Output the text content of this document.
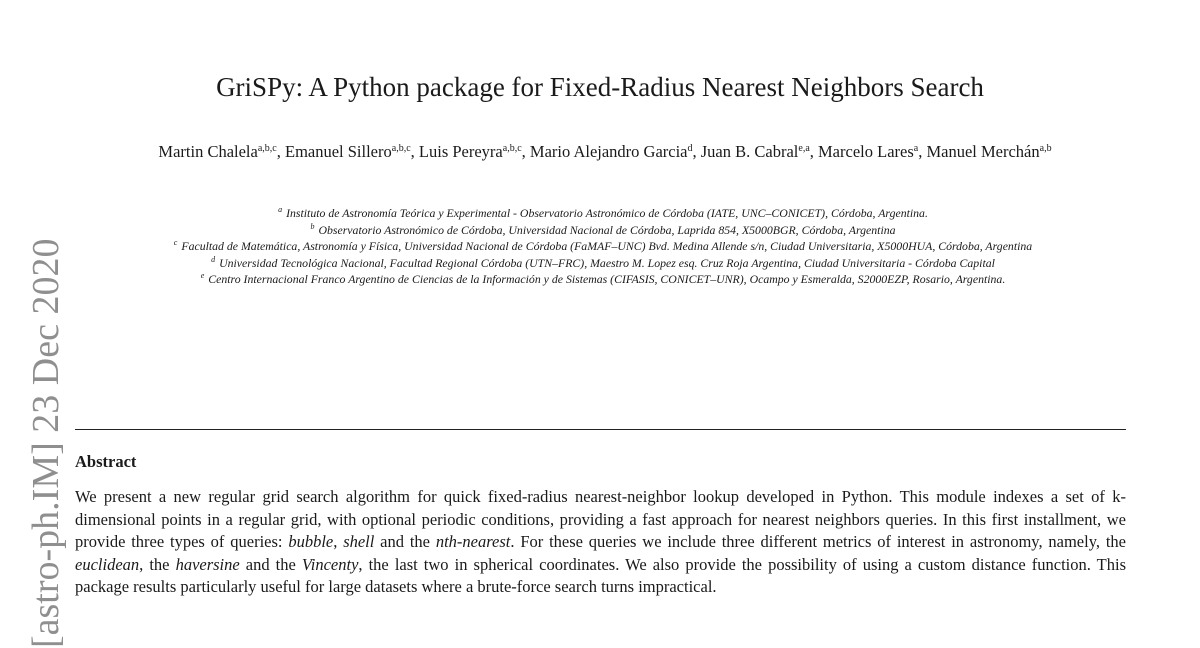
GriSPy: A Python package for Fixed-Radius Nearest Neighbors Search
Martin Chalela$^{a,b,c}$, Emanuel Sillero$^{a,b,c}$, Luis Pereyra$^{a,b,c}$, Mario Alejandro Garcia$^d$, Juan B. Cabral$^{e,a}$, Marcelo Lares$^a$, Manuel Merchán$^{a,b}$
$^a$ Instituto de Astronomía Teórica y Experimental - Observatorio Astronómico de Córdoba (IATE, UNC–CONICET), Córdoba, Argentina.
$^b$ Observatorio Astronómico de Córdoba, Universidad Nacional de Córdoba, Laprida 854, X5000BGR, Córdoba, Argentina
$^c$ Facultad de Matemática, Astronomía y Física, Universidad Nacional de Córdoba (FaMAF–UNC) Bvd. Medina Allende s/n, Ciudad Universitaria, X5000HUA, Córdoba, Argentina
$^d$ Universidad Tecnológica Nacional, Facultad Regional Córdoba (UTN–FRC), Maestro M. Lopez esq. Cruz Roja Argentina, Ciudad Universitaria - Córdoba Capital
$^e$ Centro Internacional Franco Argentino de Ciencias de la Información y de Sistemas (CIFASIS, CONICET–UNR), Ocampo y Esmeralda, S2000EZP, Rosario, Argentina.
Abstract

We present a new regular grid search algorithm for quick fixed-radius nearest-neighbor lookup developed in Python. This module indexes a set of k-dimensional points in a regular grid, with optional periodic conditions, providing a fast approach for nearest neighbors queries. In this first installment, we provide three types of queries: bubble, shell and the nth-nearest. For these queries we include three different metrics of interest in astronomy, namely, the euclidean, the haversine and the Vincenty, the last two in spherical coordinates. We also provide the possibility of using a custom distance function. This package results particularly useful for large datasets where a brute-force search turns impractical.

[astro-ph.IM] 23 Dec 2020
